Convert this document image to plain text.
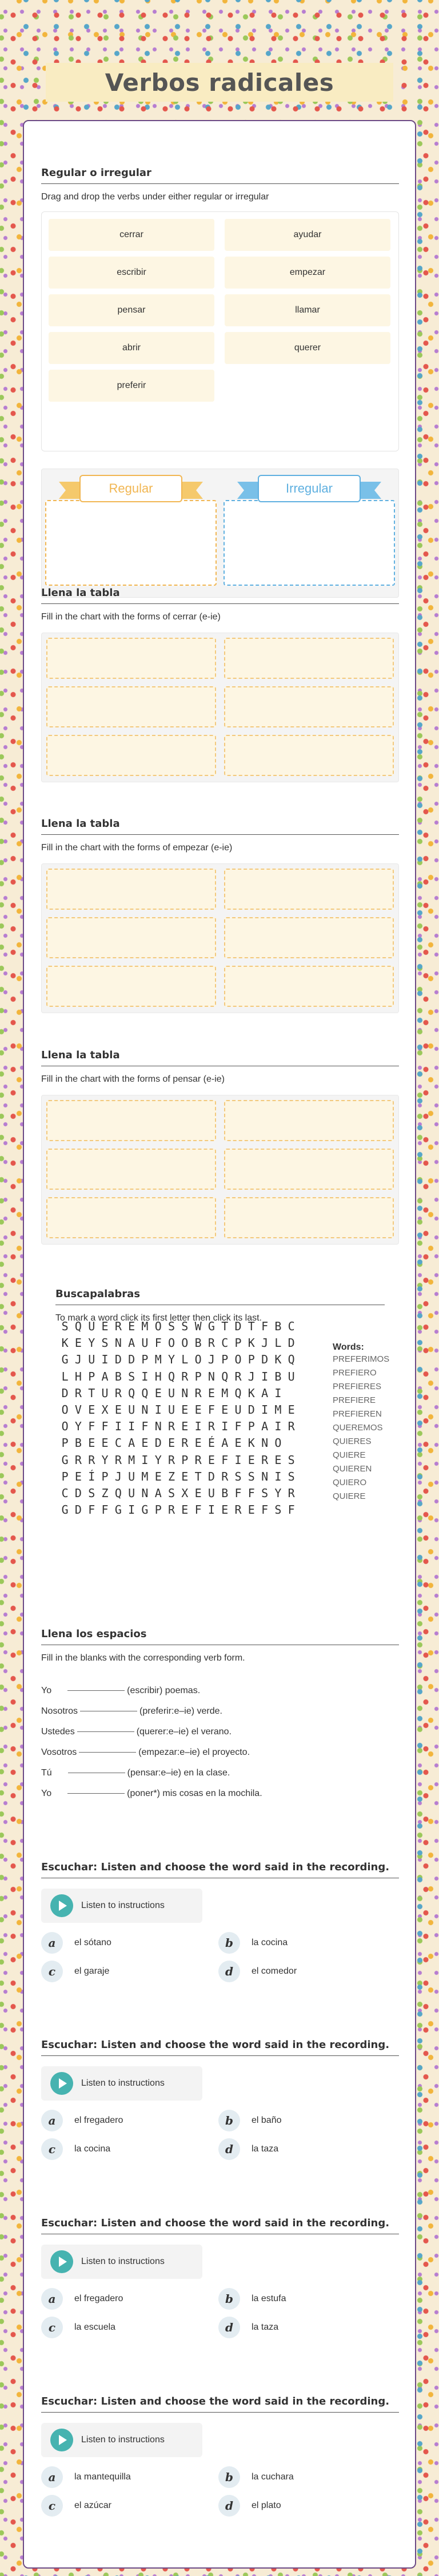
Verbos radicales
Regular o irregular
Drag and drop the verbs under either regular or irregular
cerrar	ayudar
escribir	empezar
pensar	llamar
abrir	querer
preferir
Regular	Irregular
Llena la tabla
Fill in the chart with the forms of cerrar (e-ie)
Llena la tabla
Fill in the chart with the forms of empezar (e-ie)
Llena la tabla
Fill in the chart with the forms of pensar (e-ie)
Buscapalabras
To mark a word click its first letter then click its last.
S Q U E R E M O S S W G T D T F B C
K E Y S N A U F O O B R C P K J L D
G J U I D D P M Y L O J P O P D K Q
L H P A B S I H Q R P N Q R J I B U
D R T U R Q Q E U N R E M Q K A I
O V E X E U N I U E E F E U D I M E
O Y F F I I F N R E I R I F P A I R
P B E E C A E D E R E É A E K N O
G R R Y R M I Y R P R E F I E R E S
P E Í P J U M E Z E T D R S S N I S
C D S Z Q U N A S X E U B F F S Y R
G D F F G I G P R E F I E R E F S F
Words:
PREFERIMOS
PREFIERO
PREFIERES
PREFIERE
PREFIEREN
QUEREMOS
QUIERES
QUIERE
QUIEREN
QUIERO
QUIERE
Llena los espacios
Fill in the blanks with the corresponding verb form.
Yo	(escribir) poemas.
Nosotros	(preferir:e–ie) verde.
Ustedes	(querer:e–ie) el verano.
Vosotros	(empezar:e–ie) el proyecto.
Tú	(pensar:e–ie) en la clase.
Yo	(poner*) mis cosas en la mochila.
Escuchar: Listen and choose the word said in the recording.
Listen to instructions
a	el sótano	b	la cocina
c	el garaje	d	el comedor
Escuchar: Listen and choose the word said in the recording.
Listen to instructions
a	el fregadero	b	el baño
c	la cocina	d	la taza
Escuchar: Listen and choose the word said in the recording.
Listen to instructions
a	el fregadero	b	la estufa
c	la escuela	d	la taza
Escuchar: Listen and choose the word said in the recording.
Listen to instructions
a	la mantequilla	b	la cuchara
c	el azúcar	d	el plato
